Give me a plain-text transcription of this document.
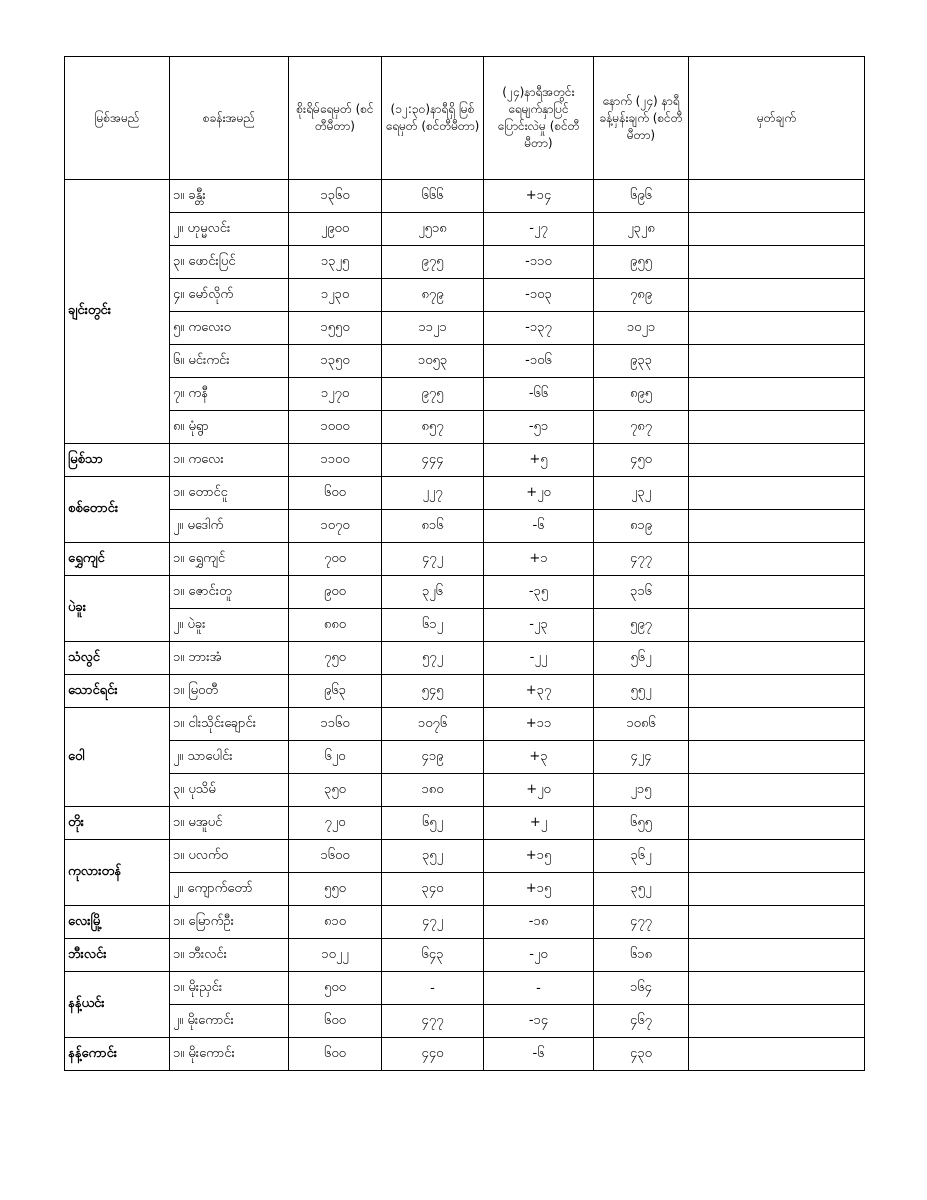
မြစ်အမည်	စခန်းအမည်	စိုးရိမ်ရေမှတ် (စင်တီမီတာ)	(၁၂:၃၀)နာရီရှိ မြစ်ရေမှတ် (စင်တီမီတာ)	(၂၄)နာရီအတွင်း ရေမျက်နှာပြင် ပြောင်းလဲမှု (စင်တီမီတာ)	နောက် (၂၄) နာရီ ခန့်မှန်းချက် (စင်တီမီတာ)	မှတ်ချက်
ချင်းတွင်း	၁။ ခန္တီး	၁၃၆၀	၆၆၆	+၁၄	၆၉၆	
	၂။ ဟုမ္မလင်း	၂၉၀၀	၂၅၁၈	-၂၇	၂၃၂၈	
	၃။ ဖောင်းပြင်	၁၃၂၅	၉၇၅	-၁၁၀	၉၅၅	
	၄။ မော်လိုက်	၁၂၃၀	၈၇၉	-၁၀၃	၇၈၉	
	၅။ ကလေးဝ	၁၅၅၀	၁၁၂၁	-၁၃၇	၁၀၂၁	
	၆။ မင်းကင်း	၁၃၅၀	၁၀၅၃	-၁၀၆	၉၃၃	
	၇။ ကနီ	၁၂၇၀	၉၇၅	-၆၆	၈၉၅	
	၈။ မုံရွာ	၁၀၀၀	၈၅၇	-၅၁	၇၈၇	
မြစ်သာ	၁။ ကလေး	၁၁၀၀	၄၄၄	+၅	၄၅၀	
စစ်တောင်း	၁။ တောင်ငူ	၆၀၀	၂၂၇	+၂၀	၂၃၂	
	၂။ မဒေါက်	၁၀၇၀	၈၁၆	-၆	၈၁၉	
ရွှေကျင်	၁။ ရွှေကျင်	၇၀၀	၄၇၂	+၁	၄၇၇	
ပဲခူး	၁။ ဇောင်းတူ	၉၀၀	၃၂၆	-၃၅	၃၁၆	
	၂။ ပဲခူး	၈၈၀	၆၁၂	-၂၃	၅၉၇	
သံလွင်	၁။ ဘားအံ	၇၅၀	၅၇၂	-၂၂	၅၆၂	
သောင်ရင်း	၁။ မြဝတီ	၉၆၃	၅၄၅	+၃၇	၅၅၂	
ဝေါ	၁။ ငါးသိုင်းချောင်း	၁၁၆၀	၁၀၇၆	+၁၁	၁၀၈၆	
	၂။ သာပေါင်း	၆၂၀	၄၁၉	+၃	၄၂၄	
	၃။ ပုသိမ်	၃၅၀	၁၈၀	+၂၀	၂၁၅	
တိုး	၁။ မအူပင်	၇၂၀	၆၅၂	+၂	၆၅၅	
ကုလားတန်	၁။ ပလက်ဝ	၁၆၀၀	၃၅၂	+၁၅	၃၆၂	
	၂။ ကျောက်တော်	၅၅၀	၃၄၀	+၁၅	၃၅၂	
လေးမြို့	၁။ မြောက်ဦး	၈၁၀	၄၇၂	-၁၈	၄၇၇	
ဘီးလင်း	၁။ ဘီးလင်း	၁၀၂၂	၆၄၃	-၂၀	၆၁၈	
နန့်ယင်း	၁။ မိုးညှင်း	၅၀၀	-	-	၁၆၄	
	၂။ မိုးကောင်း	၆၀၀	၄၇၇	-၁၄	၄၆၇	
နန့်ကောင်း	၁။ မိုးကောင်း	၆၀၀	၄၄၀	-၆	၄၃၀	
